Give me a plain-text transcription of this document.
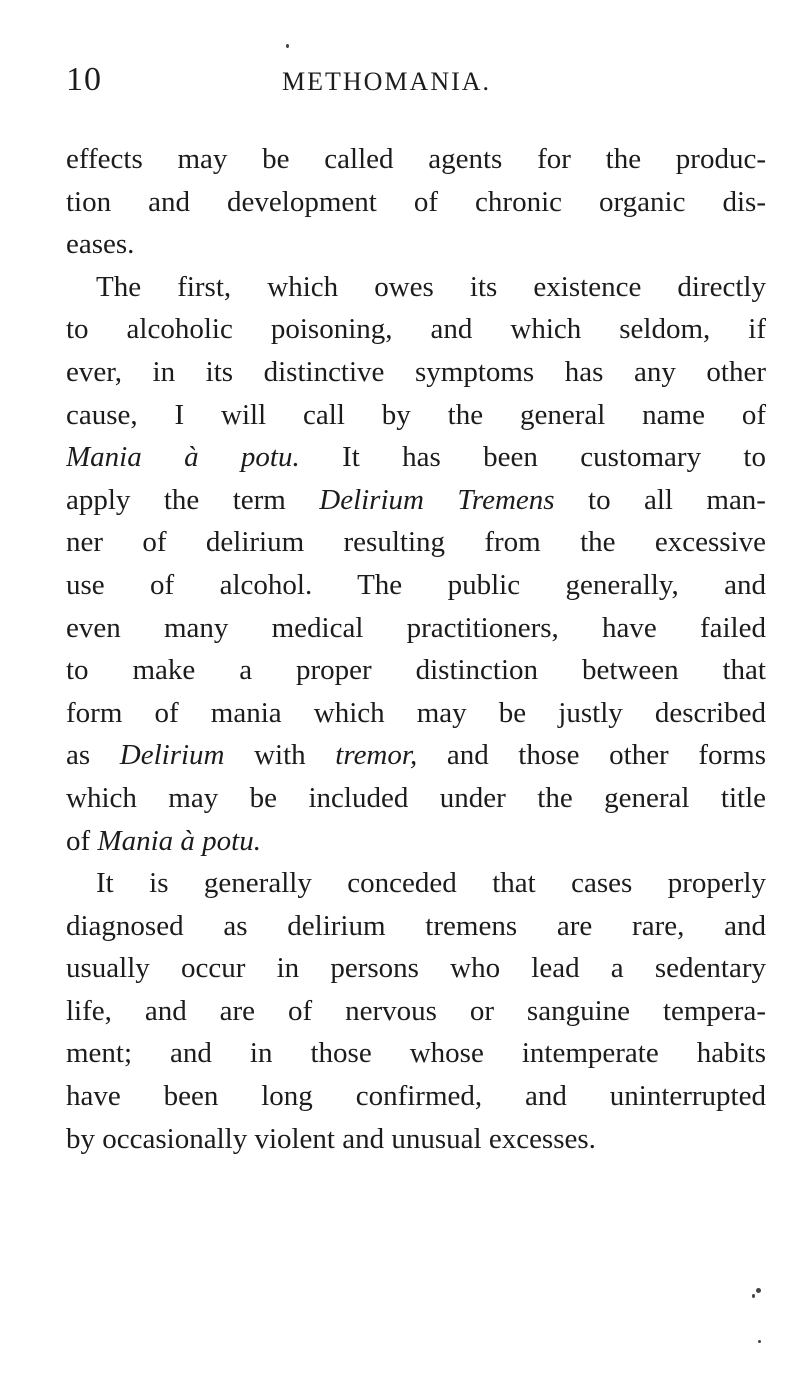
10	METHOMANIA.
effects may be called agents for the produc-
tion and development of chronic organic dis-
eases.
The first, which owes its existence directly
to alcoholic poisoning, and which seldom, if
ever, in its distinctive symptoms has any other
cause, I will call by the general name of
Mania à potu. It has been customary to
apply the term Delirium Tremens to all man-
ner of delirium resulting from the excessive
use of alcohol. The public generally, and
even many medical practitioners, have failed
to make a proper distinction between that
form of mania which may be justly described
as Delirium with tremor, and those other forms
which may be included under the general title
of Mania à potu.
It is generally conceded that cases properly
diagnosed as delirium tremens are rare, and
usually occur in persons who lead a sedentary
life, and are of nervous or sanguine tempera-
ment; and in those whose intemperate habits
have been long confirmed, and uninterrupted
by occasionally violent and unusual excesses.
